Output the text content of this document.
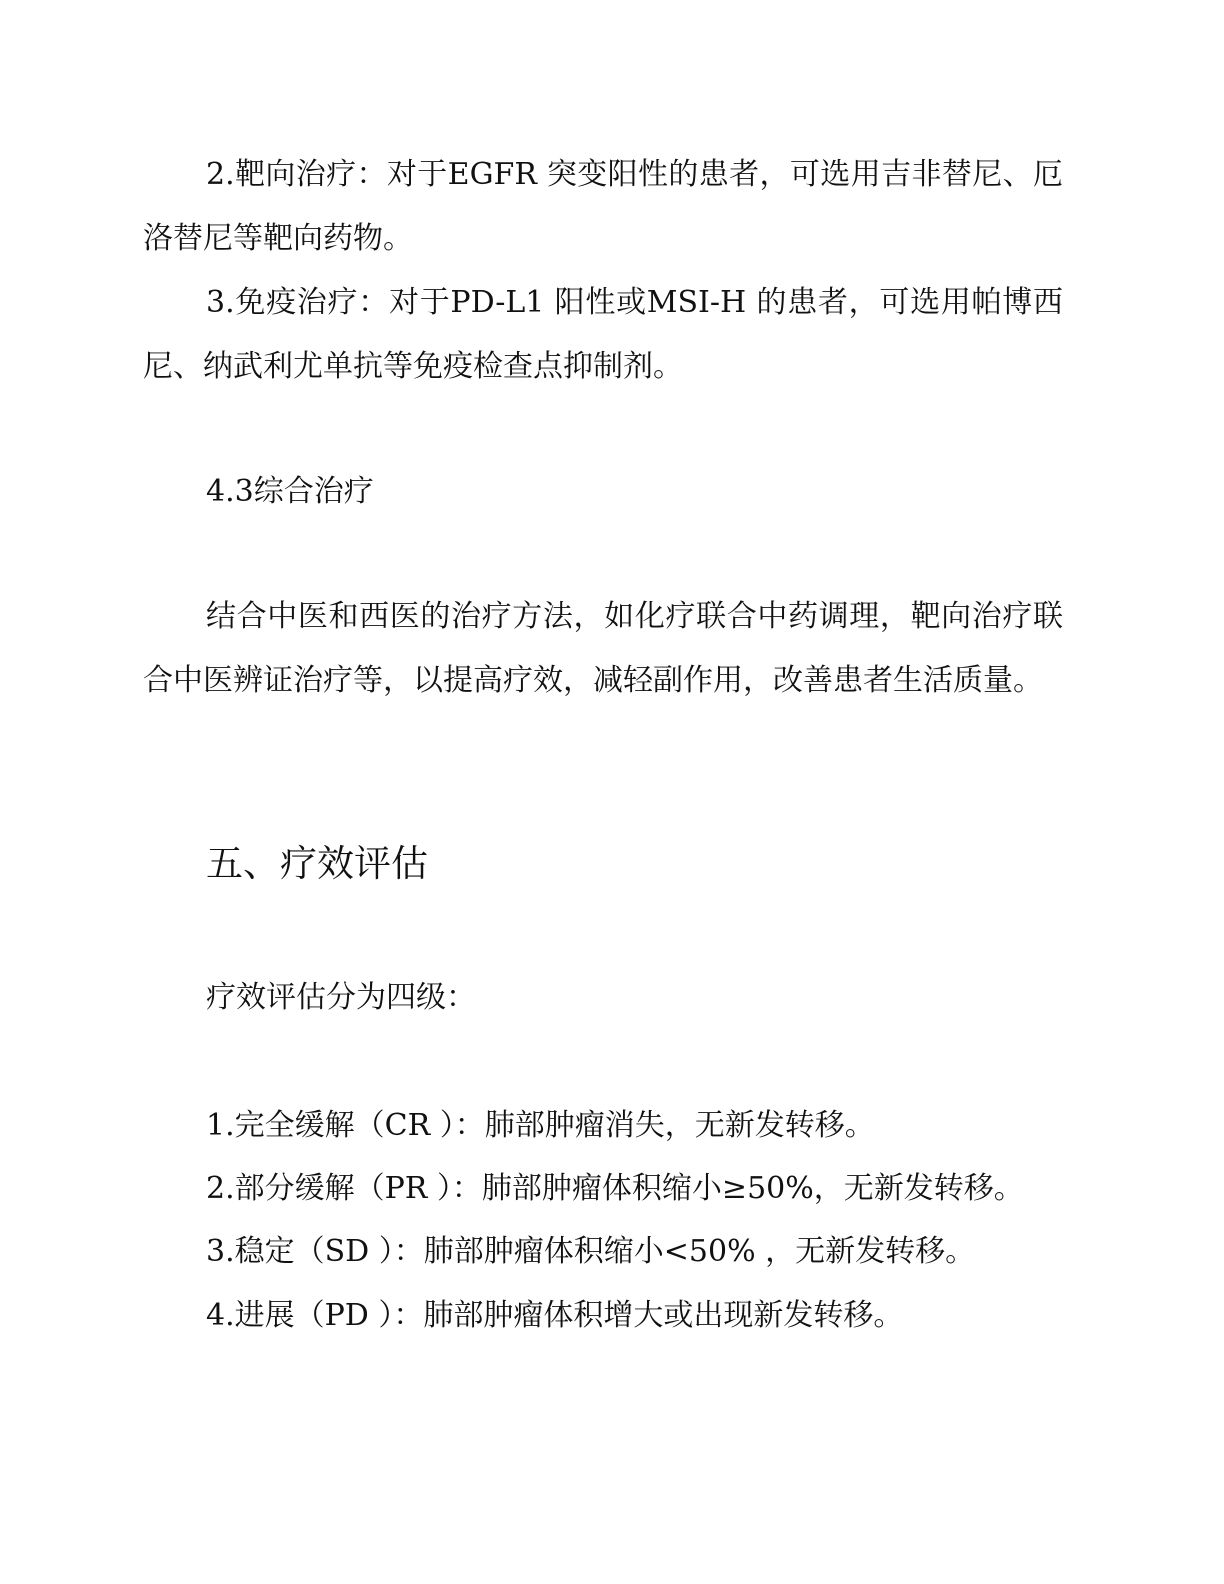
2.靶向治疗：对于EGFR 突变阳性的患者，可选用吉非替尼、厄洛替尼等靶向药物。

3.免疫治疗：对于PD-L1 阳性或MSI-H 的患者，可选用帕博西尼、纳武利尤单抗等免疫检查点抑制剂。

4.3综合治疗

结合中医和西医的治疗方法，如化疗联合中药调理，靶向治疗联合中医辨证治疗等，以提高疗效，减轻副作用，改善患者生活质量。

五、疗效评估

疗效评估分为四级：

1.完全缓解（CR ）：肺部肿瘤消失，无新发转移。

2.部分缓解（PR ）：肺部肿瘤体积缩小≥50%，无新发转移。

3.稳定（SD ）：肺部肿瘤体积缩小<50% ，无新发转移。

4.进展（PD ）：肺部肿瘤体积增大或出现新发转移。
